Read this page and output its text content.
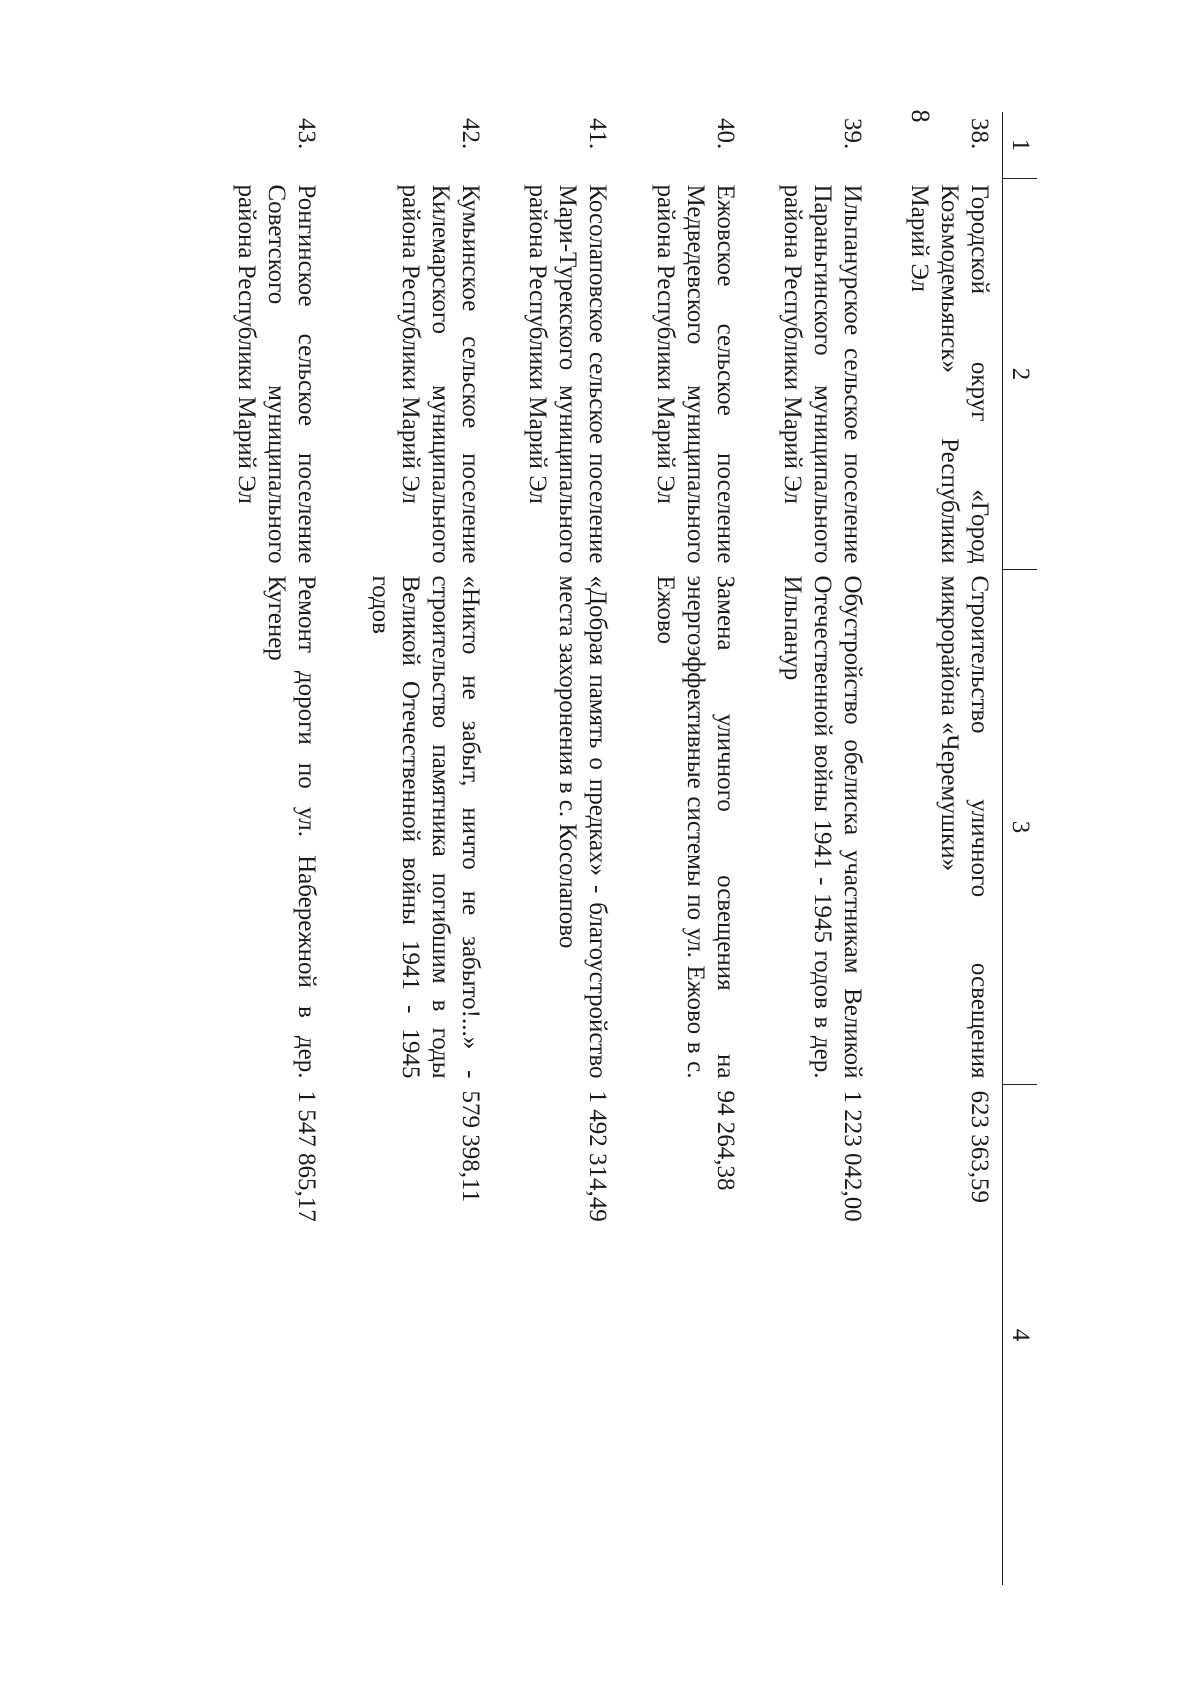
8
1	2	3	4
38.	Городской округ «Город Козьмодемьянск» Республики Марий Эл	Строительство уличного освещения микрорайона «Черемушки»	623 363,59
39.	Ильпанурское сельское поселение Параньгинского муниципального района Республики Марий Эл	Обустройство обелиска участникам Великой Отечественной войны 1941 - 1945 годов в дер. Ильпанур	1 223 042,00
40.	Ежовское сельское поселение Медведевского муниципального района Республики Марий Эл	Замена уличного освещения на энергоэффективные системы по ул. Ежово в с. Ежово	94 264,38
41.	Косолаповское сельское поселение Мари-Турекского муниципального района Республики Марий Эл	«Добрая память о предках» - благоустройство места захоронения в с. Косолапово	1 492 314,49
42.	Кумьинское сельское поселение Килемарского муниципального района Республики Марий Эл	«Никто не забыт, ничто не забыто!...» - строительство памятника погибшим в годы Великой Отечественной войны 1941 - 1945 годов	579 398,11
43.	Ронгинское сельское поселение Советского муниципального района Республики Марий Эл	Ремонт дороги по ул. Набережной в дер. Кугенер	1 547 865,17
